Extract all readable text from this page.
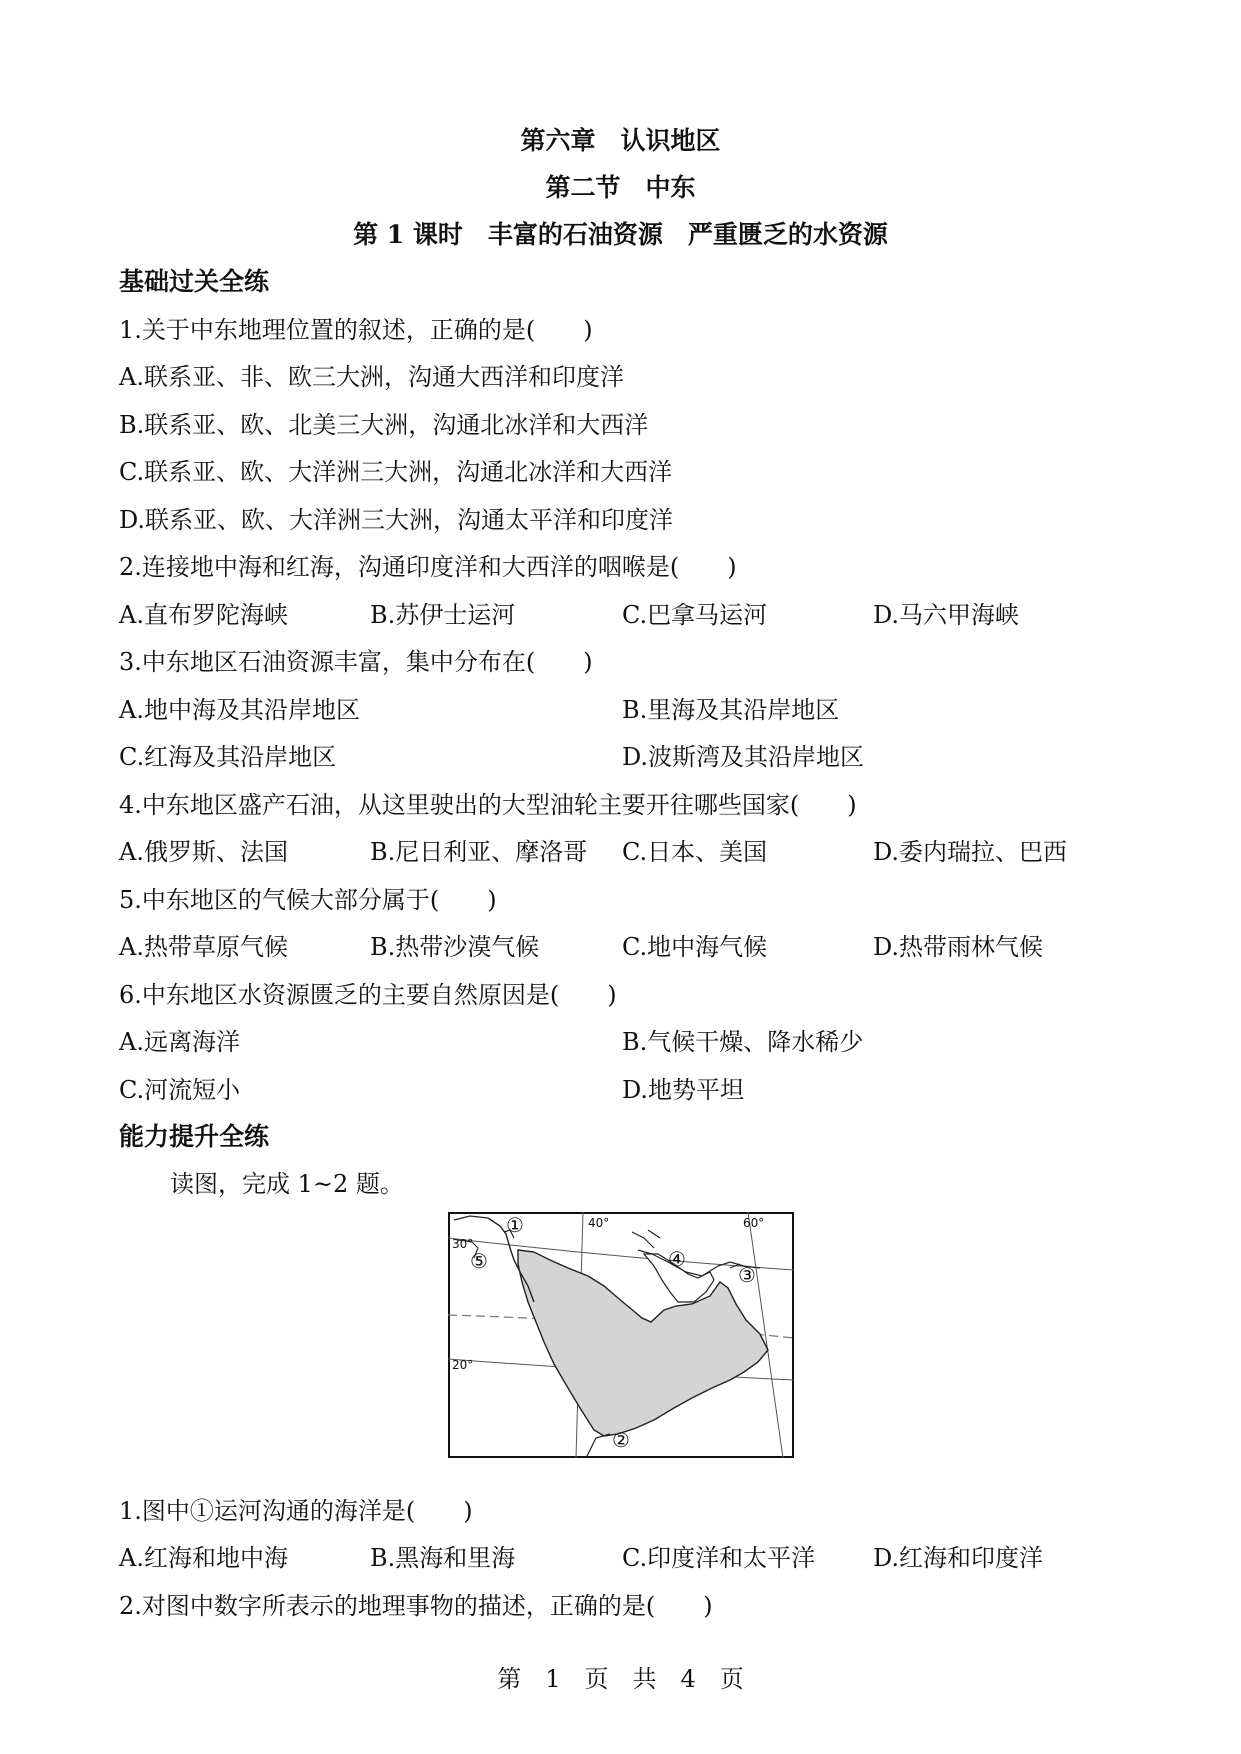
第六章　认识地区
第二节　中东
第 1 课时　丰富的石油资源　严重匮乏的水资源
基础过关全练
1.关于中东地理位置的叙述，正确的是(　　)
A.联系亚、非、欧三大洲，沟通大西洋和印度洋
B.联系亚、欧、北美三大洲，沟通北冰洋和大西洋
C.联系亚、欧、大洋洲三大洲，沟通北冰洋和大西洋
D.联系亚、欧、大洋洲三大洲，沟通太平洋和印度洋
2.连接地中海和红海，沟通印度洋和大西洋的咽喉是(　　)
A.直布罗陀海峡	B.苏伊士运河	C.巴拿马运河	D.马六甲海峡
3.中东地区石油资源丰富，集中分布在(　　)
A.地中海及其沿岸地区	B.里海及其沿岸地区
C.红海及其沿岸地区	D.波斯湾及其沿岸地区
4.中东地区盛产石油，从这里驶出的大型油轮主要开往哪些国家(　　)
A.俄罗斯、法国	B.尼日利亚、摩洛哥 C.日本、美国	D.委内瑞拉、巴西
5.中东地区的气候大部分属于(　　)
A.热带草原气候	B.热带沙漠气候	C.地中海气候	D.热带雨林气候
6.中东地区水资源匮乏的主要自然原因是(　　)
A.远离海洋	B.气候干燥、降水稀少
C.河流短小	D.地势平坦
能力提升全练
读图，完成 1~2 题。
40°	60°
30°
20°
①
②
③
④
⑤
1.图中①运河沟通的海洋是(　　)
A.红海和地中海	B.黑海和里海	C.印度洋和太平洋 D.红海和印度洋
2.对图中数字所表示的地理事物的描述，正确的是(　　)
第　1　页　共　4　页
